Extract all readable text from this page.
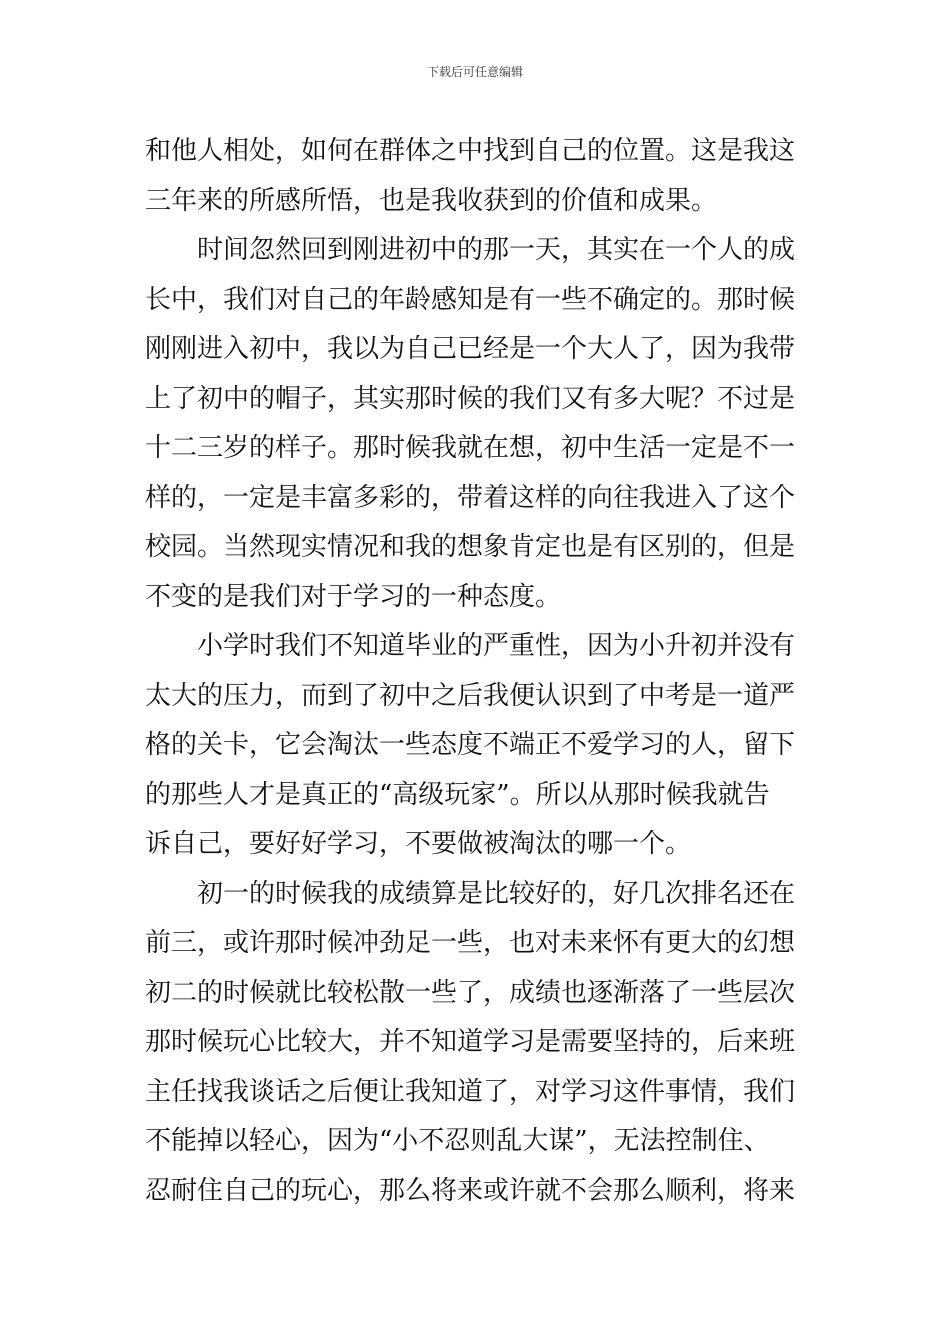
下载后可任意编辑
和他人相处，如何在群体之中找到自己的位置。这是我这
三年来的所感所悟，也是我收获到的价值和成果。
时间忽然回到刚进初中的那一天，其实在一个人的成
长中，我们对自己的年龄感知是有一些不确定的。那时候
刚刚进入初中，我以为自己已经是一个大人了，因为我带
上了初中的帽子，其实那时候的我们又有多大呢？不过是
十二三岁的样子。那时候我就在想，初中生活一定是不一
样的，一定是丰富多彩的，带着这样的向往我进入了这个
校园。当然现实情况和我的想象肯定也是有区别的，但是
不变的是我们对于学习的一种态度。
小学时我们不知道毕业的严重性，因为小升初并没有
太大的压力，而到了初中之后我便认识到了中考是一道严
格的关卡，它会淘汰一些态度不端正不爱学习的人，留下
的那些人才是真正的“高级玩家”。所以从那时候我就告
诉自己，要好好学习，不要做被淘汰的哪一个。
初一的时候我的成绩算是比较好的，好几次排名还在
前三，或许那时候冲劲足一些，也对未来怀有更大的幻想
初二的时候就比较松散一些了，成绩也逐渐落了一些层次
那时候玩心比较大，并不知道学习是需要坚持的，后来班
主任找我谈话之后便让我知道了，对学习这件事情，我们
不能掉以轻心，因为“小不忍则乱大谋”，无法控制住、
忍耐住自己的玩心，那么将来或许就不会那么顺利，将来
